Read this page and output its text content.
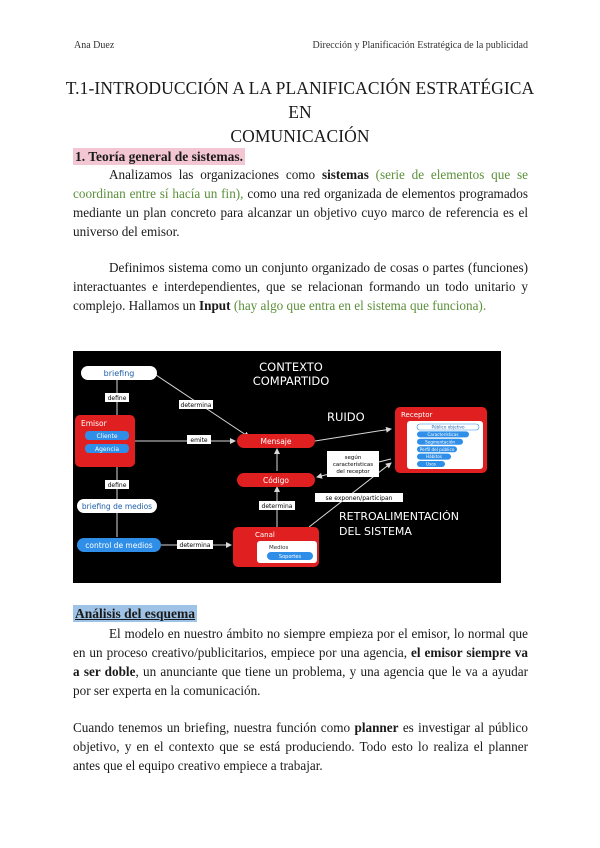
Ana Duez	Dirección y Planificación Estratégica de la publicidad
T.1-INTRODUCCIÓN A LA PLANIFICACIÓN ESTRATÉGICA EN
COMUNICACIÓN
1. Teoría general de sistemas.

Analizamos las organizaciones como sistemas (serie de elementos que se coordinan entre sí hacía un fin), como una red organizada de elementos programados mediante un plan concreto para alcanzar un objetivo cuyo marco de referencia es el universo del emisor.

Definimos sistema como un conjunto organizado de cosas o partes (funciones) interactuantes e interdependientes, que se relacionan formando un todo unitario y complejo. Hallamos un Input (hay algo que entra en el sistema que funciona).

CONTEXTO
COMPARTIDO
RUIDO
RETROALIMENTACIÓN
DEL SISTEMA
briefing
Emisor
Cliente
Agencia
Mensaje
Código
Receptor
Público objetivo
Características
Segmentación
Perfil del público
Hábitos
Usos
briefing de medios
control de medios
Canal
Medios
Soportes
define
determina
emite
define
determina
determina
según
características
del receptor
se exponen/participan
Análisis del esquema

El modelo en nuestro ámbito no siempre empieza por el emisor, lo normal que en un proceso creativo/publicitarios, empiece por una agencia, el emisor siempre va a ser doble, un anunciante que tiene un problema, y una agencia que le va a ayudar por ser experta en la comunicación.

Cuando tenemos un briefing, nuestra función como planner es investigar al público objetivo, y en el contexto que se está produciendo. Todo esto lo realiza el planner antes que el equipo creativo empiece a trabajar.
